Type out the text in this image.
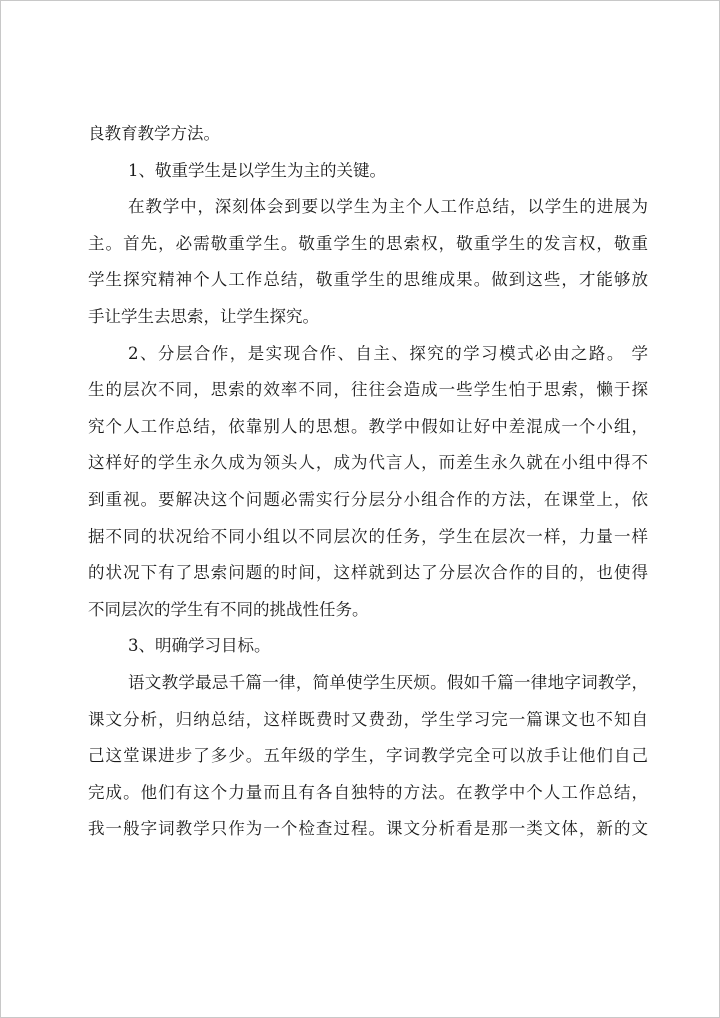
良教育教学方法。
1、敬重学生是以学生为主的关键。
在教学中，深刻体会到要以学生为主个人工作总结，以学生的进展为
主。首先，必需敬重学生。敬重学生的思索权，敬重学生的发言权，敬重
学生探究精神个人工作总结，敬重学生的思维成果。做到这些，才能够放
手让学生去思索，让学生探究。
2、分层合作，是实现合作、自主、探究的学习模式必由之路。 学
生的层次不同，思索的效率不同，往往会造成一些学生怕于思索，懒于探
究个人工作总结，依靠别人的思想。教学中假如让好中差混成一个小组，
这样好的学生永久成为领头人，成为代言人，而差生永久就在小组中得不
到重视。要解决这个问题必需实行分层分小组合作的方法，在课堂上，依
据不同的状况给不同小组以不同层次的任务，学生在层次一样，力量一样
的状况下有了思索问题的时间，这样就到达了分层次合作的目的，也使得
不同层次的学生有不同的挑战性任务。
3、明确学习目标。
语文教学最忌千篇一律，简单使学生厌烦。假如千篇一律地字词教学，
课文分析，归纳总结，这样既费时又费劲，学生学习完一篇课文也不知自
己这堂课进步了多少。五年级的学生，字词教学完全可以放手让他们自己
完成。他们有这个力量而且有各自独特的方法。在教学中个人工作总结，
我一般字词教学只作为一个检查过程。课文分析看是那一类文体，新的文
